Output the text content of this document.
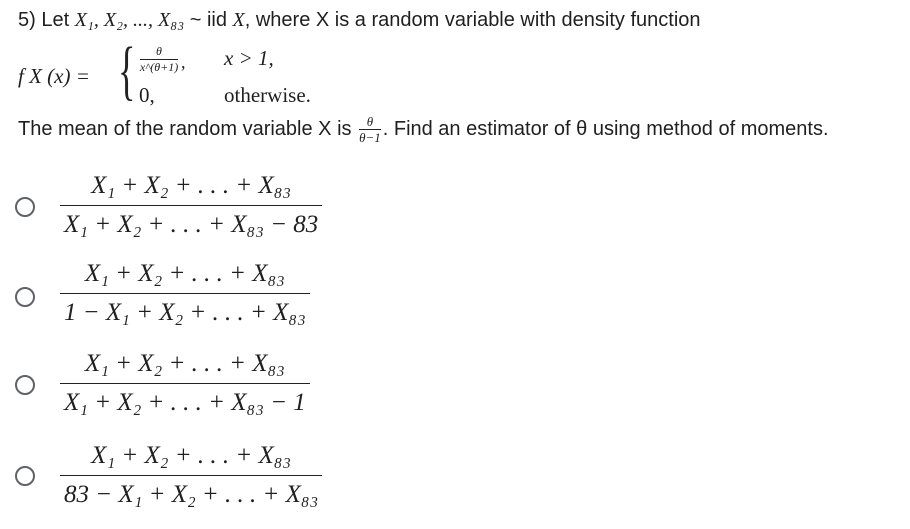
5) Let X₁, X₂, ..., X₈₃ ~ iid X, where X is a random variable with density function
f X (x) = {	θ
x^(θ+1) , x > 1,
0,	otherwise.
The mean of the random variable X is $\frac{\theta}{\theta-1}$ . Find an estimator of θ using method of moments.
X₁ + X₂ + . . . + X₈₃
X₁ + X₂ + . . . + X₈₃ − 83
X₁ + X₂ + . . . + X₈₃
1 − X₁ + X₂ + . . . + X₈₃
X₁ + X₂ + . . . + X₈₃
X₁ + X₂ + . . . + X₈₃ − 1
X₁ + X₂ + . . . + X₈₃
83 − X₁ + X₂ + . . . + X₈₃
